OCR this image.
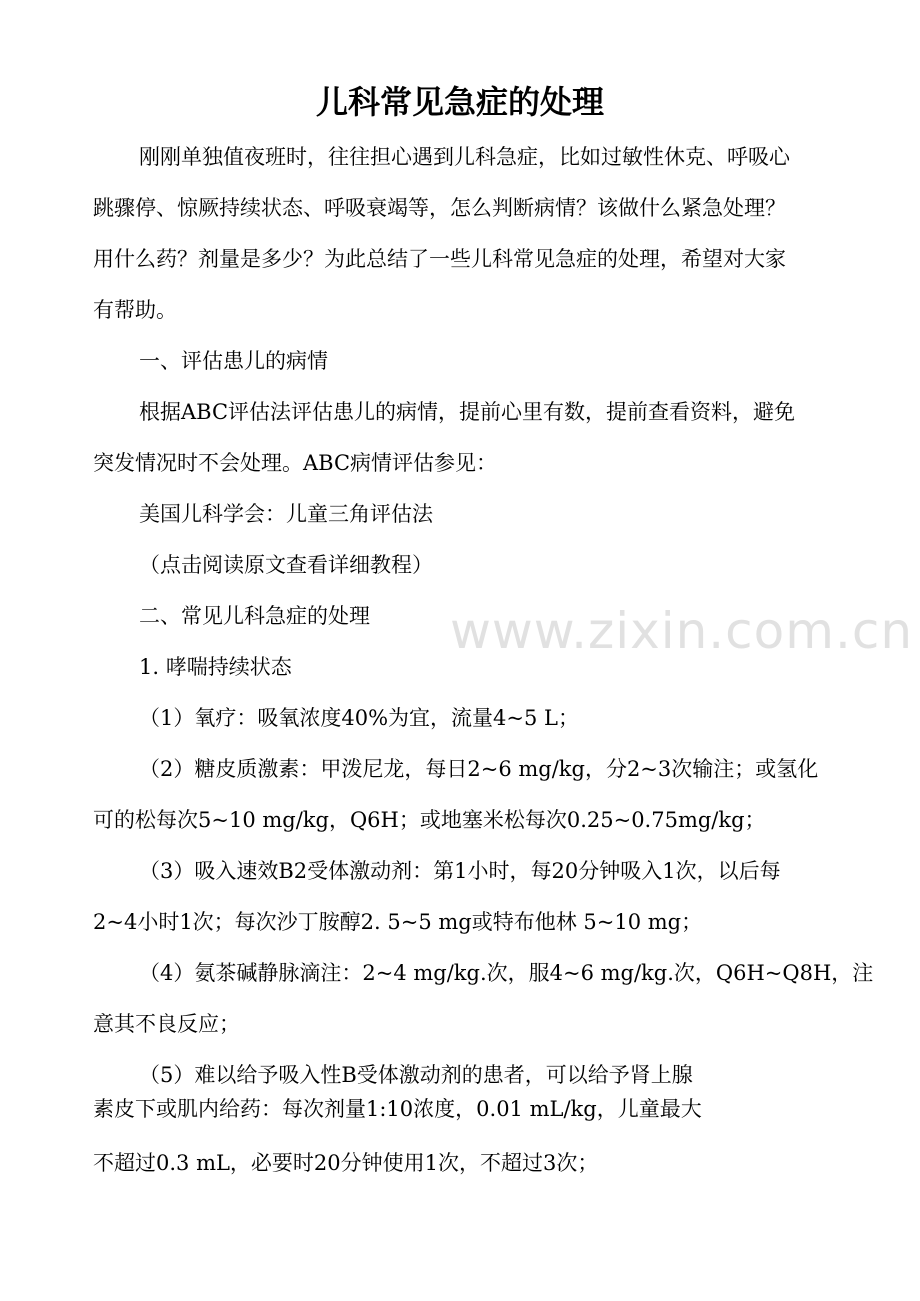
儿科常见急症的处理
刚刚单独值夜班时，往往担心遇到儿科急症，比如过敏性休克、呼吸心
跳骤停、惊厥持续状态、呼吸衰竭等，怎么判断病情？该做什么紧急处理？
用什么药？剂量是多少？为此总结了一些儿科常见急症的处理，希望对大家
有帮助。
一、评估患儿的病情
根据ABC评估法评估患儿的病情，提前心里有数，提前查看资料，避免
突发情况时不会处理。ABC病情评估参见：
美国儿科学会：儿童三角评估法
（点击阅读原文查看详细教程）
二、常见儿科急症的处理
1. 哮喘持续状态
（1）氧疗：吸氧浓度40%为宜，流量4~5 L；
（2）糖皮质激素：甲泼尼龙，每日2~6 mg/kg，分2~3次输注；或氢化
可的松每次5~10 mg/kg，Q6H；或地塞米松每次0.25~0.75mg/kg；
（3）吸入速效B2受体激动剂：第1小时，每20分钟吸入1次，以后每
2~4小时1次；每次沙丁胺醇2. 5~5 mg或特布他林 5~10 mg；
（4）氨茶碱静脉滴注：2~4 mg/kg.次，服4~6 mg/kg.次，Q6H~Q8H，注
意其不良反应；
（5）难以给予吸入性B受体激动剂的患者，可以给予肾上腺
素皮下或肌内给药：每次剂量1:10浓度，0.01 mL/kg，儿童最大
不超过0.3 mL，必要时20分钟使用1次，不超过3次；
www.zixin.com.cn
